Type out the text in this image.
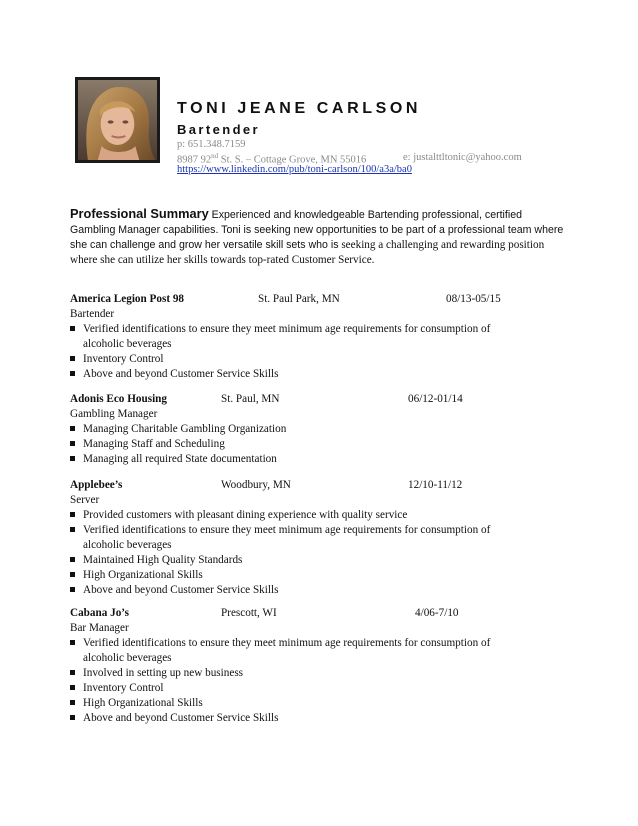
TONI JEANE CARLSON
Bartender
p: 651.348.7159
8987 92nd St. S. – Cottage Grove, MN 55016	e: justalttltonic@yahoo.com
https://www.linkedin.com/pub/toni-carlson/100/a3a/ba0
Professional Summary Experienced and knowledgeable Bartending professional, certified Gambling Manager capabilities. Toni is seeking new opportunities to be part of a professional team where she can challenge and grow her versatile skill sets who is seeking a challenging and rewarding position where she can utilize her skills towards top-rated Customer Service.
America Legion Post 98	St. Paul Park, MN	08/13-05/15
Bartender
Verified identifications to ensure they meet minimum age requirements for consumption of
alcoholic beverages
Inventory Control
Above and beyond Customer Service Skills
Adonis Eco Housing	St. Paul, MN	06/12-01/14
Gambling Manager
Managing Charitable Gambling Organization
Managing Staff and Scheduling
Managing all required State documentation
Applebee’s	Woodbury, MN	12/10-11/12
Server
Provided customers with pleasant dining experience with quality service
Verified identifications to ensure they meet minimum age requirements for consumption of
alcoholic beverages
Maintained High Quality Standards
High Organizational Skills
Above and beyond Customer Service Skills
Cabana Jo’s	Prescott, WI	4/06-7/10
Bar Manager
Verified identifications to ensure they meet minimum age requirements for consumption of
alcoholic beverages
Involved in setting up new business
Inventory Control
High Organizational Skills
Above and beyond Customer Service Skills
